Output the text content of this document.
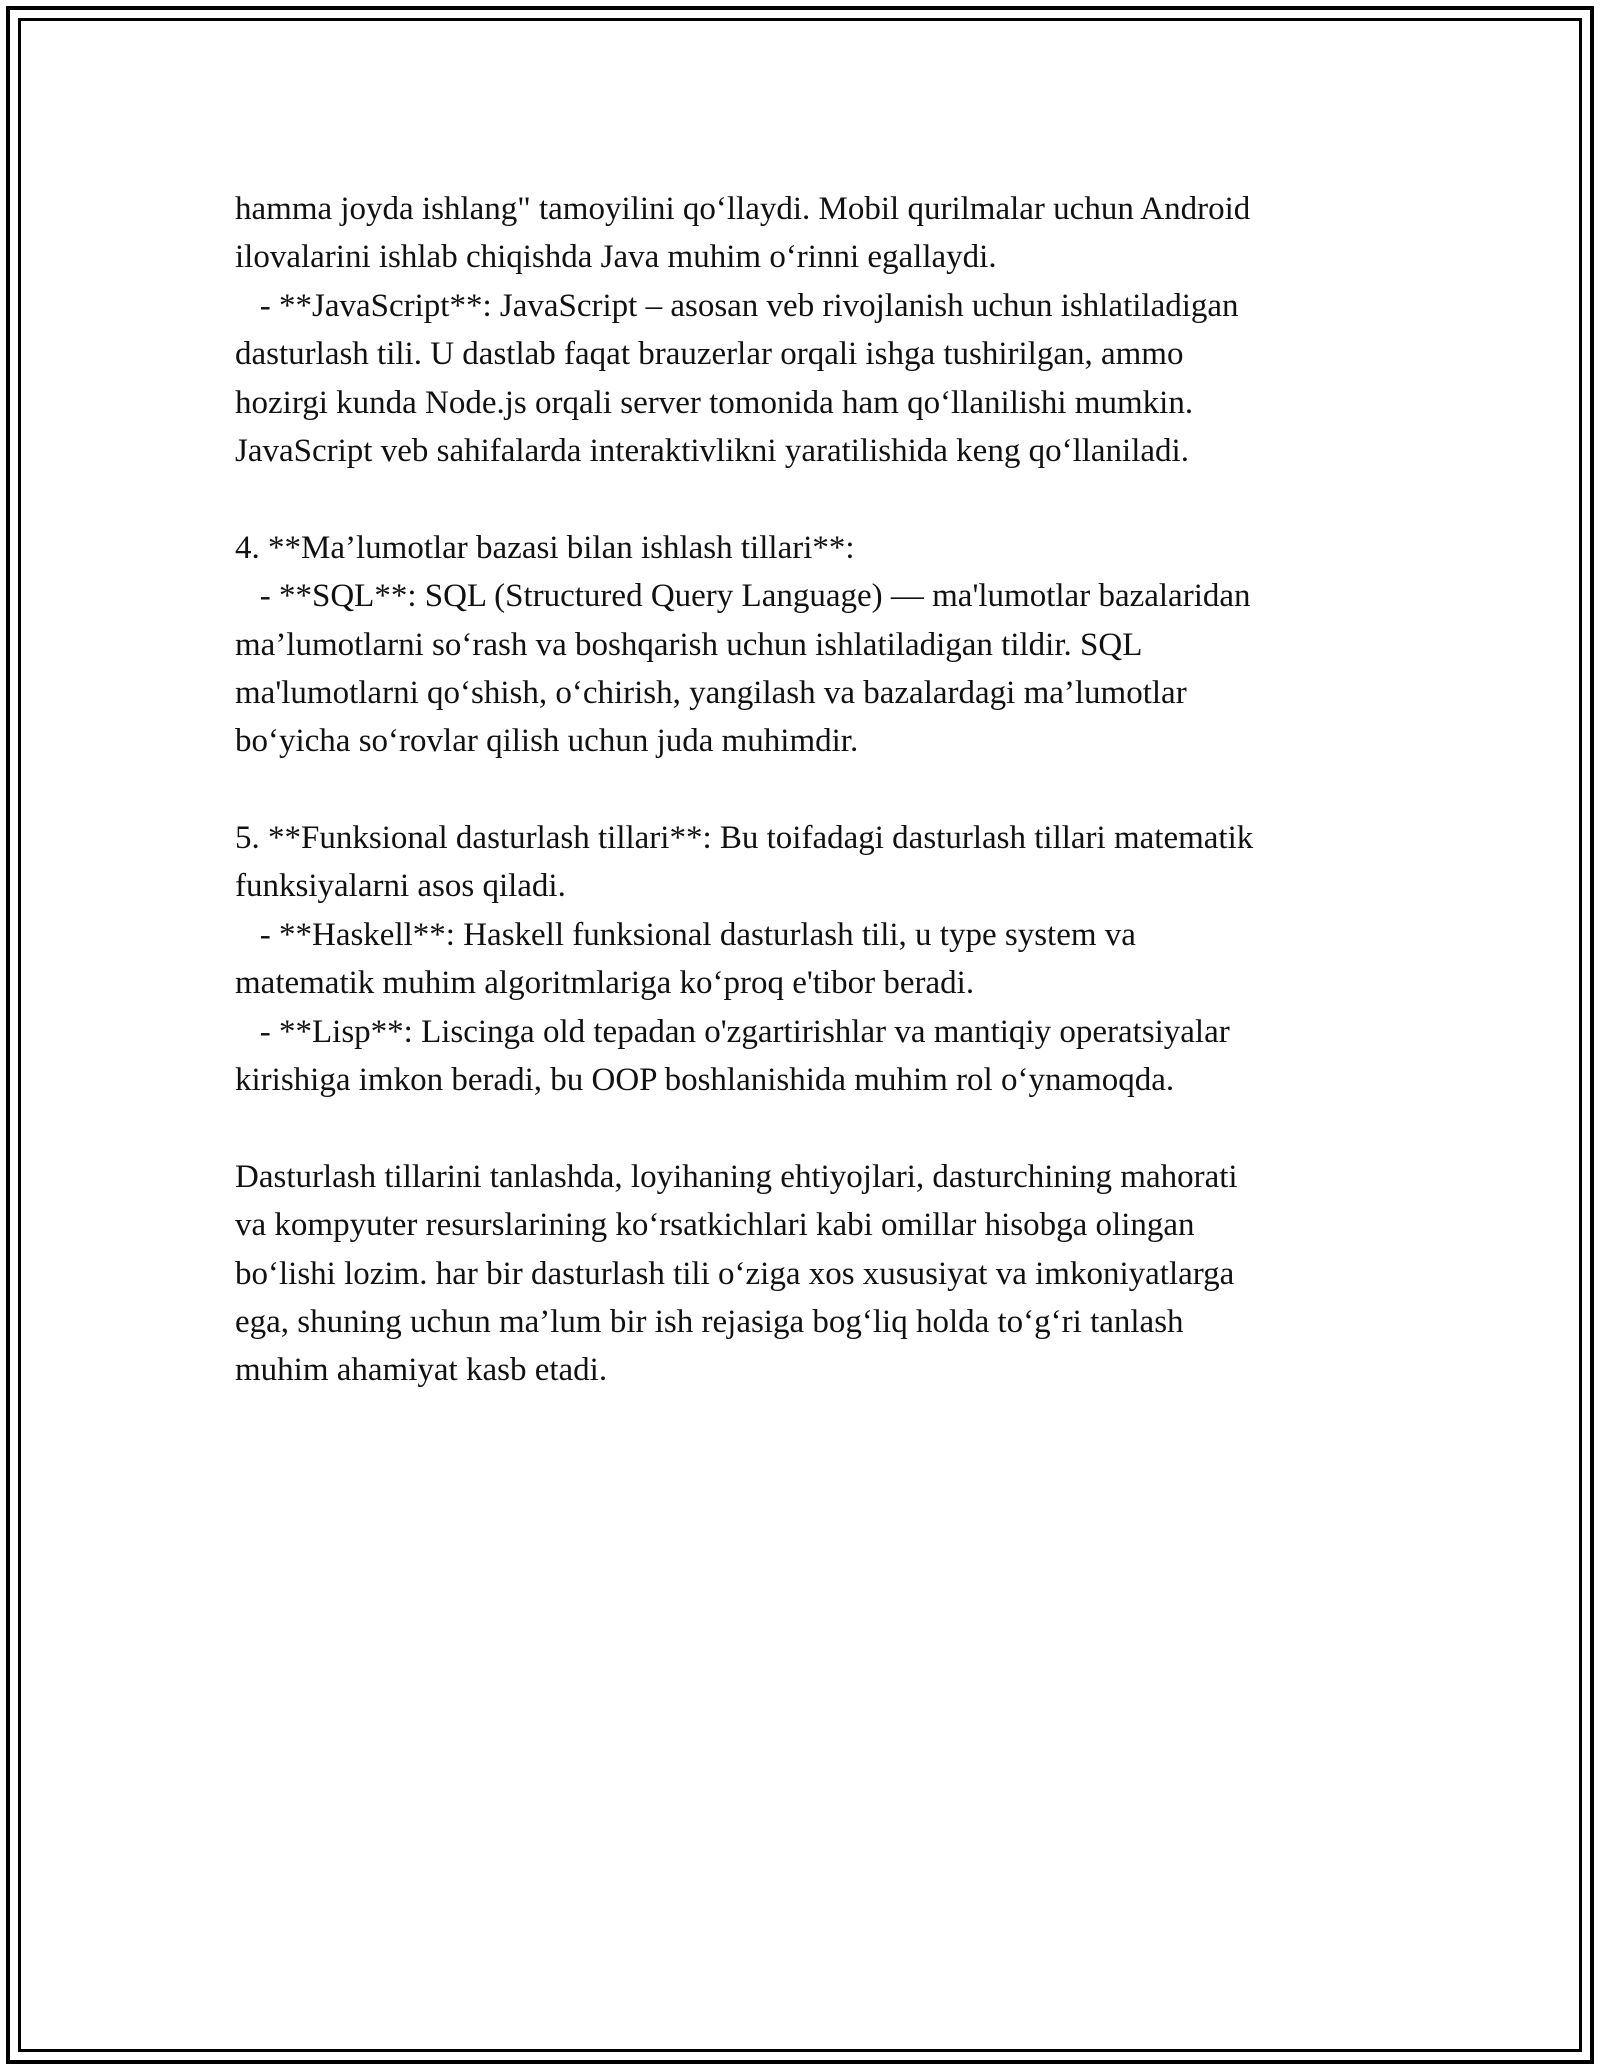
hamma joyda ishlang" tamoyilini qo‘llaydi. Mobil qurilmalar uchun Android
ilovalarini ishlab chiqishda Java muhim o‘rinni egallaydi.
- **JavaScript**: JavaScript – asosan veb rivojlanish uchun ishlatiladigan
dasturlash tili. U dastlab faqat brauzerlar orqali ishga tushirilgan, ammo
hozirgi kunda Node.js orqali server tomonida ham qo‘llanilishi mumkin.
JavaScript veb sahifalarda interaktivlikni yaratilishida keng qo‘llaniladi.
4. **Ma’lumotlar bazasi bilan ishlash tillari**:
- **SQL**: SQL (Structured Query Language) — ma'lumotlar bazalaridan
ma’lumotlarni so‘rash va boshqarish uchun ishlatiladigan tildir. SQL
ma'lumotlarni qo‘shish, o‘chirish, yangilash va bazalardagi ma’lumotlar
bo‘yicha so‘rovlar qilish uchun juda muhimdir.
5. **Funksional dasturlash tillari**: Bu toifadagi dasturlash tillari matematik
funksiyalarni asos qiladi.
- **Haskell**: Haskell funksional dasturlash tili, u type system va
matematik muhim algoritmlariga ko‘proq e'tibor beradi.
- **Lisp**: Liscinga old tepadan o'zgartirishlar va mantiqiy operatsiyalar
kirishiga imkon beradi, bu OOP boshlanishida muhim rol o‘ynamoqda.
Dasturlash tillarini tanlashda, loyihaning ehtiyojlari, dasturchining mahorati
va kompyuter resurslarining ko‘rsatkichlari kabi omillar hisobga olingan
bo‘lishi lozim. har bir dasturlash tili o‘ziga xos xususiyat va imkoniyatlarga
ega, shuning uchun ma’lum bir ish rejasiga bog‘liq holda to‘g‘ri tanlash
muhim ahamiyat kasb etadi.
